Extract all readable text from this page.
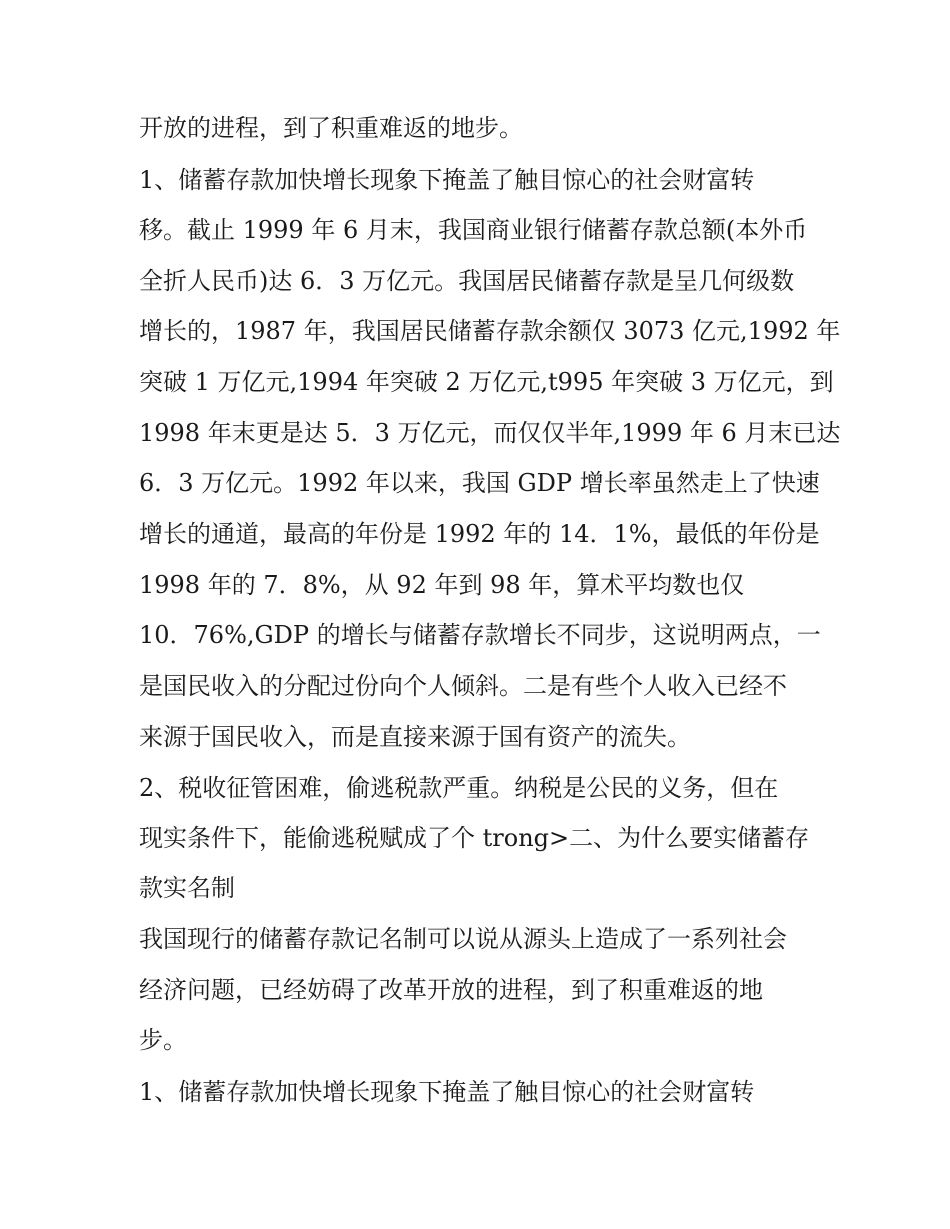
开放的进程，到了积重难返的地步。
1、储蓄存款加快增长现象下掩盖了触目惊心的社会财富转
移。截止 1999 年 6 月末，我国商业银行储蓄存款总额(本外币
全折人民币)达 6．3 万亿元。我国居民储蓄存款是呈几何级数
增长的，1987 年，我国居民储蓄存款余额仅 3073 亿元,1992 年
突破 1 万亿元,1994 年突破 2 万亿元,t995 年突破 3 万亿元，到
1998 年末更是达 5．3 万亿元，而仅仅半年,1999 年 6 月末已达
6．3 万亿元。1992 年以来，我国 GDP 增长率虽然走上了快速
增长的通道，最高的年份是 1992 年的 14．1%，最低的年份是
1998 年的 7．8%，从 92 年到 98 年，算术平均数也仅
10．76%,GDP 的增长与储蓄存款增长不同步，这说明两点，一
是国民收入的分配过份向个人倾斜。二是有些个人收入已经不
来源于国民收入，而是直接来源于国有资产的流失。
2、税收征管困难，偷逃税款严重。纳税是公民的义务，但在
现实条件下，能偷逃税赋成了个 trong>二、为什么要实储蓄存
款实名制
我国现行的储蓄存款记名制可以说从源头上造成了一系列社会
经济问题，已经妨碍了改革开放的进程，到了积重难返的地
步。
1、储蓄存款加快增长现象下掩盖了触目惊心的社会财富转
